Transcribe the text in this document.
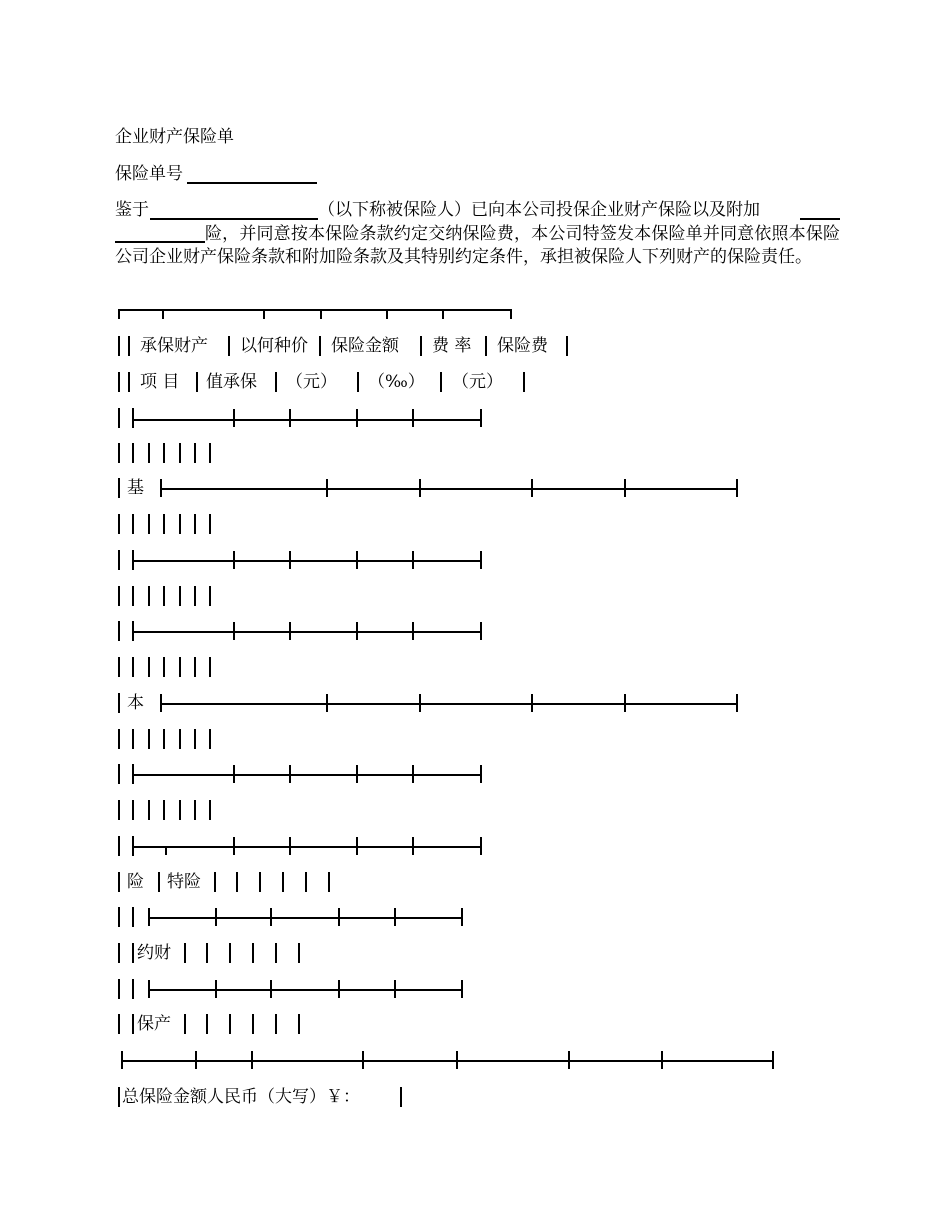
企业财产保险单
保险单号
鉴于	（以下称被保险人）已向本公司投保企业财产保险以及附加
险，并同意按本保险条款约定交纳保险费，本公司特签发本保险单并同意依照本保险公司企业财产保险条款和附加险条款及其特别约定条件，承担被保险人下列财产的保险责任。
承保财产 以何种价 保险金额 费 率 保险费
项 目 值承保 （元） （‰） （元）
基
本
险 特险
约财
保产
总保险金额人民币（大写）￥：
